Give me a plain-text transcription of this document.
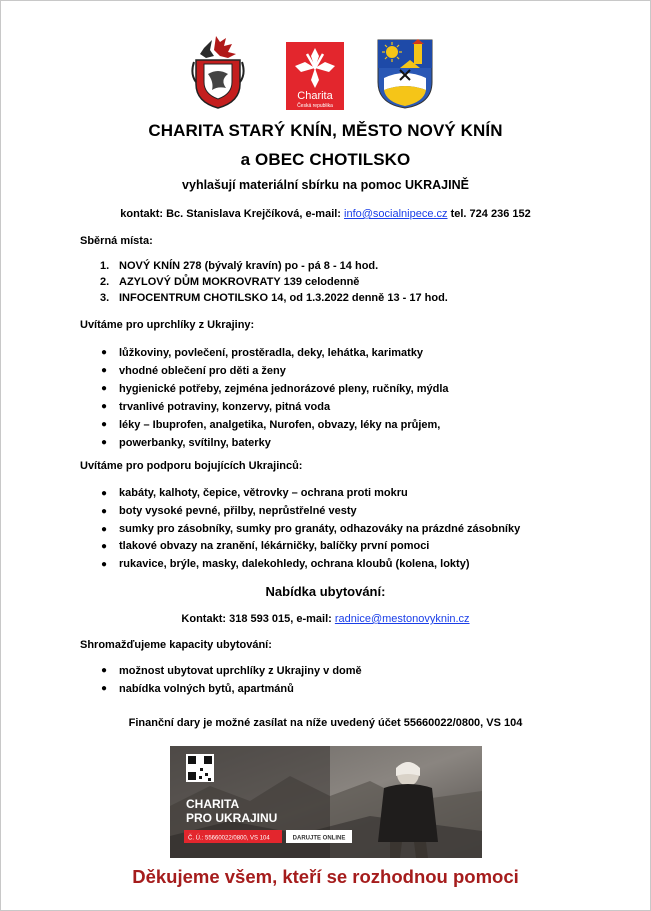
Charita
Česká republika
CHARITA STARÝ KNÍN, MĚSTO NOVÝ KNÍN
a OBEC CHOTILSKO
vyhlašují materiální sbírku na pomoc UKRAJINĚ
kontakt: Bc. Stanislava Krejčíková, e-mail: info@socialnipece.cz tel. 724 236 152
Sběrná místa:
1. NOVÝ KNÍN 278 (bývalý kravín) po - pá 8 - 14 hod.
2. AZYLOVÝ DŮM MOKROVRATY 139 celodenně
3. INFOCENTRUM CHOTILSKO 14, od 1.3.2022 denně 13 - 17 hod.
Uvítáme pro uprchlíky z Ukrajiny:
● lůžkoviny, povlečení, prostěradla, deky, lehátka, karimatky
● vhodné oblečení pro děti a ženy
● hygienické potřeby, zejména jednorázové pleny, ručníky, mýdla
● trvanlivé potraviny, konzervy, pitná voda
● léky – Ibuprofen, analgetika, Nurofen, obvazy, léky na průjem,
● powerbanky, svítilny, baterky
Uvítáme pro podporu bojujících Ukrajinců:
● kabáty, kalhoty, čepice, větrovky – ochrana proti mokru
● boty vysoké pevné, přilby, neprůstřelné vesty
● sumky pro zásobníky, sumky pro granáty, odhazováky na prázdné zásobníky
● tlakové obvazy na zranění, lékárničky, balíčky první pomoci
● rukavice, brýle, masky, dalekohledy, ochrana kloubů (kolena, lokty)
Nabídka ubytování:
Kontakt: 318 593 015, e-mail: radnice@mestonovyknin.cz
Shromažďujeme kapacity ubytování:
● možnost ubytovat uprchlíky z Ukrajiny v domě
● nabídka volných bytů, apartmánů
Finanční dary je možné zasílat na níže uvedený účet 55660022/0800, VS 104
CHARITA
PRO UKRAJINU
Č. Ú.: 55660022/0800, VS 104	DARUJTE ONLINE
Děkujeme všem, kteří se rozhodnou pomoci
